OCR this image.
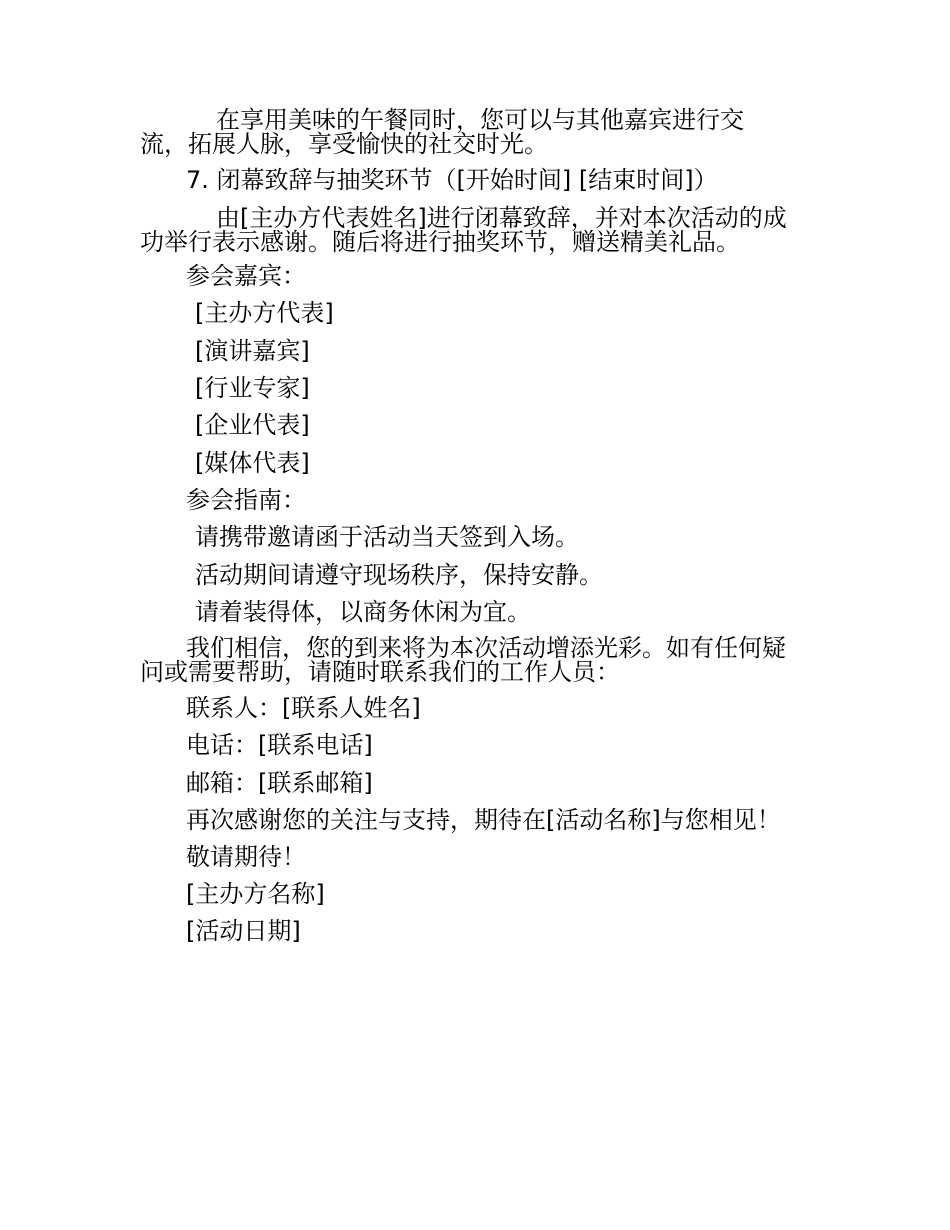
在享用美味的午餐同时，您可以与其他嘉宾进行交
流，拓展人脉，享受愉快的社交时光。
7. 闭幕致辞与抽奖环节（[开始时间] [结束时间]）
由[主办方代表姓名]进行闭幕致辞，并对本次活动的成
功举行表示感谢。随后将进行抽奖环节，赠送精美礼品。
参会嘉宾：
[主办方代表]
[演讲嘉宾]
[行业专家]
[企业代表]
[媒体代表]
参会指南：
请携带邀请函于活动当天签到入场。
活动期间请遵守现场秩序，保持安静。
请着装得体，以商务休闲为宜。
我们相信，您的到来将为本次活动增添光彩。如有任何疑
问或需要帮助，请随时联系我们的工作人员：
联系人：[联系人姓名]
电话：[联系电话]
邮箱：[联系邮箱]
再次感谢您的关注与支持，期待在[活动名称]与您相见！
敬请期待！
[主办方名称]
[活动日期]
